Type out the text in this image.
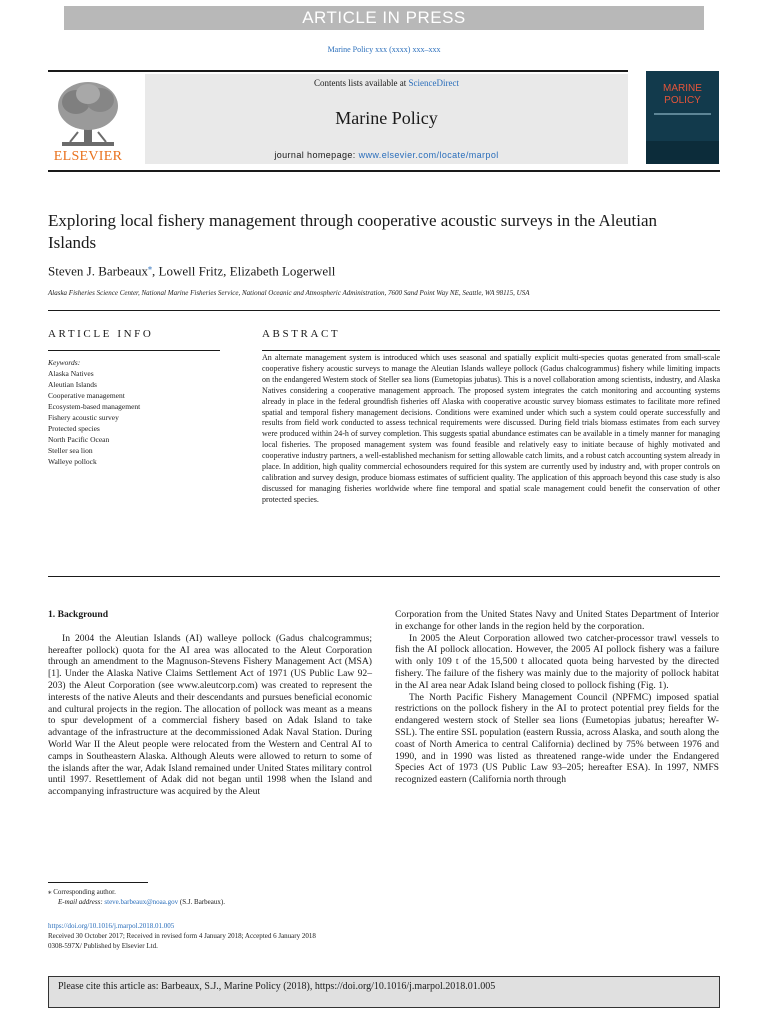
ARTICLE IN PRESS
Marine Policy xxx (xxxx) xxx–xxx
ELSEVIER
Contents lists available at ScienceDirect
Marine Policy
journal homepage: www.elsevier.com/locate/marpol
MARINE
POLICY
Exploring local fishery management through cooperative acoustic surveys in the Aleutian Islands
Steven J. Barbeaux⁎, Lowell Fritz, Elizabeth Logerwell
Alaska Fisheries Science Center, National Marine Fisheries Service, National Oceanic and Atmospheric Administration, 7600 Sand Point Way NE, Seattle, WA 98115, USA
ARTICLE INFO	ABSTRACT
Keywords:
Alaska Natives
Aleutian Islands
Cooperative management
Ecosystem-based management
Fishery acoustic survey
Protected species
North Pacific Ocean
Steller sea lion
Walleye pollock
An alternate management system is introduced which uses seasonal and spatially explicit multi-species quotas generated from small-scale cooperative fishery acoustic surveys to manage the Aleutian Islands walleye pollock (Gadus chalcogrammus) fishery while limiting impacts on the endangered Western stock of Steller sea lions (Eumetopias jubatus). This is a novel collaboration among scientists, industry, and Alaska Natives considering a cooperative management approach. The proposed system integrates the catch monitoring and accounting systems already in place in the federal groundfish fisheries off Alaska with cooperative acoustic survey biomass estimates to facilitate more refined spatial and temporal fishery management decisions. Conditions were examined under which such a system could operate successfully and results from field work conducted to assess technical requirements were discussed. During field trials biomass estimates from each survey were produced within 24-h of survey completion. This suggests spatial abundance estimates can be available in a timely manner for managing local fisheries. The proposed management system was found feasible and relatively easy to initiate because of highly motivated and cooperative industry partners, a well-established mechanism for setting allowable catch limits, and a robust catch accounting system already in place. In addition, high quality commercial echosounders required for this system are currently used by industry and, with proper controls on calibration and survey design, produce biomass estimates of sufficient quality. The application of this approach beyond this case study is also discussed for managing fisheries worldwide where fine temporal and spatial scale management could benefit the conservation of other protected species.

1. Background

In 2004 the Aleutian Islands (AI) walleye pollock (Gadus chalcogrammus; hereafter pollock) quota for the AI area was allocated to the Aleut Corporation through an amendment to the Magnuson-Stevens Fishery Management Act (MSA) [1]. Under the Alaska Native Claims Settlement Act of 1971 (US Public Law 92–203) the Aleut Corporation (see www.aleutcorp.com) was created to represent the interests of the native Aleuts and their descendants and pursues beneficial economic and cultural projects in the region. The allocation of pollock was meant as a means to spur development of a commercial fishery based on Adak Island to take advantage of the infrastructure at the decommissioned Adak Naval Station. During World War II the Aleut people were relocated from the Western and Central AI to camps in Southeastern Alaska. Although Aleuts were allowed to return to some of the islands after the war, Adak Island remained under United States military control until 1997. Resettlement of Adak did not began until 1998 when the Island and accompanying infrastructure was acquired by the Aleut

Corporation from the United States Navy and United States Department of Interior in exchange for other lands in the region held by the corporation.

In 2005 the Aleut Corporation allowed two catcher-processor trawl vessels to fish the AI pollock allocation. However, the 2005 AI pollock fishery was a failure with only 109 t of the 15,500 t allocated quota being harvested by the directed fishery. The failure of the fishery was mainly due to the majority of pollock habitat in the AI area near Adak Island being closed to pollock fishing (Fig. 1).

The North Pacific Fishery Management Council (NPFMC) imposed spatial restrictions on the pollock fishery in the AI to protect potential prey fields for the endangered western stock of Steller sea lions (Eumetopias jubatus; hereafter W-SSL). The entire SSL population (eastern Russia, across Alaska, and south along the coast of North America to central California) declined by 75% between 1976 and 1990, and in 1990 was listed as threatened range-wide under the Endangered Species Act of 1973 (US Public Law 93–205; hereafter ESA). In 1997, NMFS recognized eastern (California north through

⁎ Corresponding author.
E-mail address: steve.barbeaux@noaa.gov (S.J. Barbeaux).
https://doi.org/10.1016/j.marpol.2018.01.005
Received 30 October 2017; Received in revised form 4 January 2018; Accepted 6 January 2018
0308-597X/ Published by Elsevier Ltd.
Please cite this article as: Barbeaux, S.J., Marine Policy (2018), https://doi.org/10.1016/j.marpol.2018.01.005
